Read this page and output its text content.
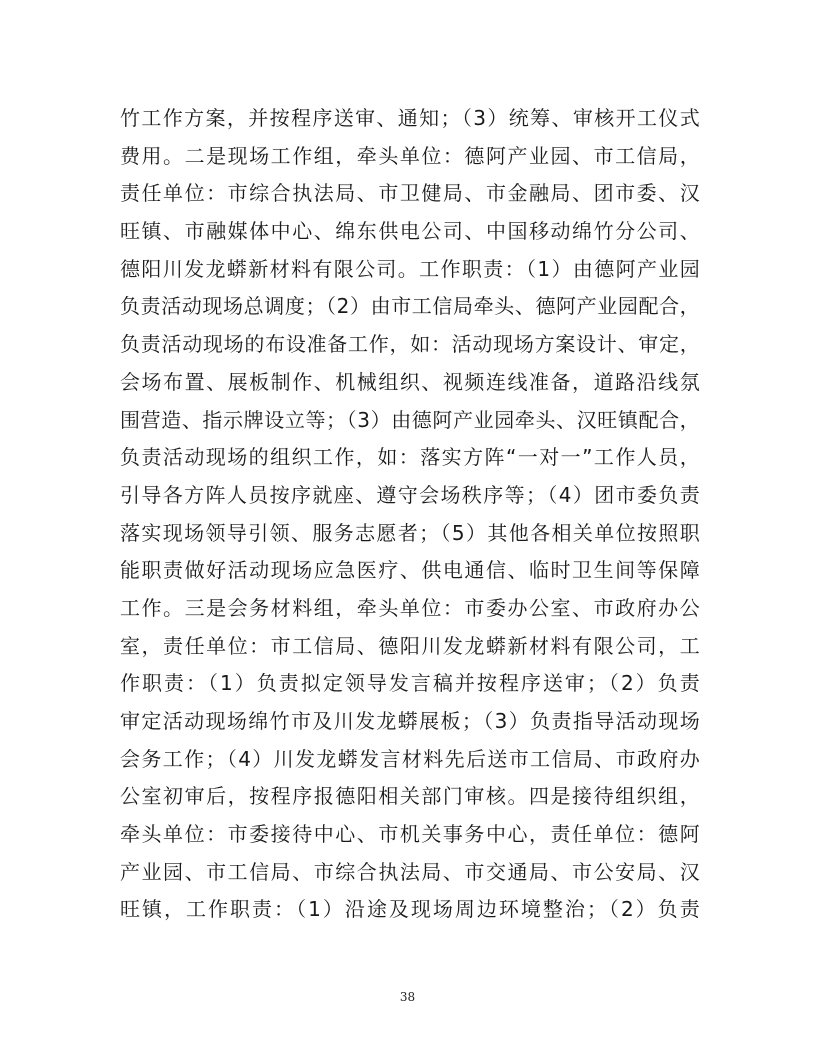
竹工作方案，并按程序送审、通知；（3）统筹、审核开工仪式
费用。二是现场工作组，牵头单位：德阿产业园、市工信局，
责任单位：市综合执法局、市卫健局、市金融局、团市委、汉
旺镇、市融媒体中心、绵东供电公司、中国移动绵竹分公司、
德阳川发龙蟒新材料有限公司。工作职责：（1）由德阿产业园
负责活动现场总调度；（2）由市工信局牵头、德阿产业园配合，
负责活动现场的布设准备工作，如：活动现场方案设计、审定，
会场布置、展板制作、机械组织、视频连线准备，道路沿线氛
围营造、指示牌设立等；（3）由德阿产业园牵头、汉旺镇配合，
负责活动现场的组织工作，如：落实方阵“一对一”工作人员，
引导各方阵人员按序就座、遵守会场秩序等；（4）团市委负责
落实现场领导引领、服务志愿者；（5）其他各相关单位按照职
能职责做好活动现场应急医疗、供电通信、临时卫生间等保障
工作。三是会务材料组，牵头单位：市委办公室、市政府办公
室，责任单位：市工信局、德阳川发龙蟒新材料有限公司，工
作职责：（1）负责拟定领导发言稿并按程序送审；（2）负责
审定活动现场绵竹市及川发龙蟒展板；（3）负责指导活动现场
会务工作；（4）川发龙蟒发言材料先后送市工信局、市政府办
公室初审后，按程序报德阳相关部门审核。四是接待组织组，
牵头单位：市委接待中心、市机关事务中心，责任单位：德阿
产业园、市工信局、市综合执法局、市交通局、市公安局、汉
旺镇，工作职责：（1）沿途及现场周边环境整治；（2）负责
38
